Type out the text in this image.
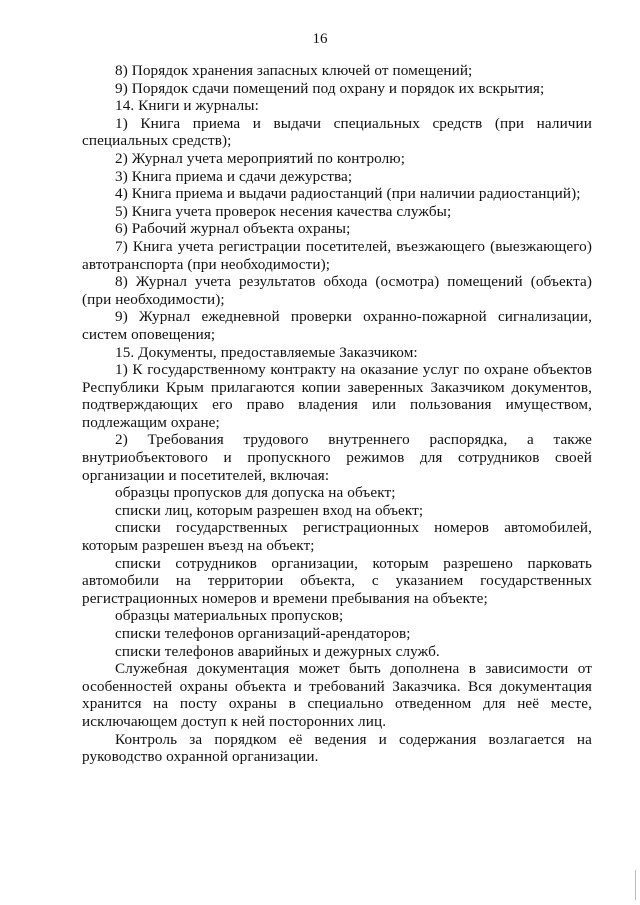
16

8) Порядок хранения запасных ключей от помещений;

9) Порядок сдачи помещений под охрану и порядок их вскрытия;

14. Книги и журналы:

1) Книга приема и выдачи специальных средств (при наличии специальных средств);

2) Журнал учета мероприятий по контролю;

3) Книга приема и сдачи дежурства;

4) Книга приема и выдачи радиостанций (при наличии радиостанций);

5) Книга учета проверок несения качества службы;

6) Рабочий журнал объекта охраны;

7) Книга учета регистрации посетителей, въезжающего (выезжающего) автотранспорта (при необходимости);

8) Журнал учета результатов обхода (осмотра) помещений (объекта) (при необходимости);

9) Журнал ежедневной проверки охранно-пожарной сигнализации, систем оповещения;

15. Документы, предоставляемые Заказчиком:

1) К государственному контракту на оказание услуг по охране объектов Республики Крым прилагаются копии заверенных Заказчиком документов, подтверждающих его право владения или пользования имуществом, подлежащим охране;

2) Требования трудового внутреннего распорядка, а также внутриобъектового и пропускного режимов для сотрудников своей организации и посетителей, включая:

образцы пропусков для допуска на объект;

списки лиц, которым разрешен вход на объект;

списки государственных регистрационных номеров автомобилей, которым разрешен въезд на объект;

списки сотрудников организации, которым разрешено парковать автомобили на территории объекта, с указанием государственных регистрационных номеров и времени пребывания на объекте;

образцы материальных пропусков;

списки телефонов организаций-арендаторов;

списки телефонов аварийных и дежурных служб.

Служебная документация может быть дополнена в зависимости от особенностей охраны объекта и требований Заказчика. Вся документация хранится на посту охраны в специально отведенном для неё месте, исключающем доступ к ней посторонних лиц.

Контроль за порядком её ведения и содержания возлагается на руководство охранной организации.
